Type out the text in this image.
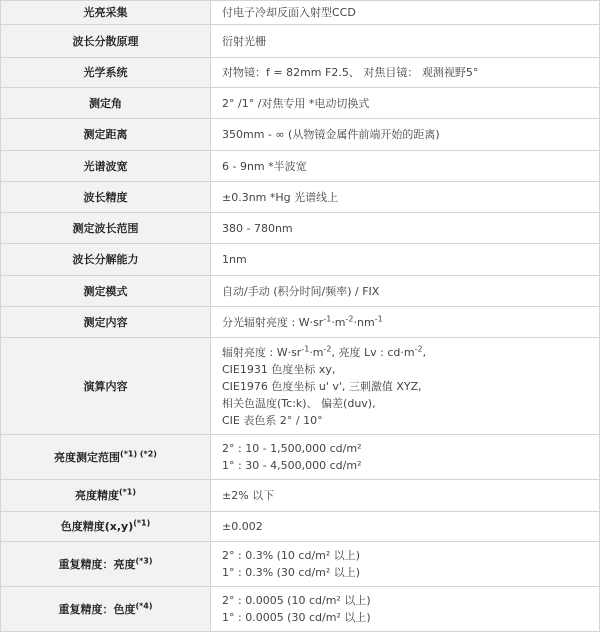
光亮采集	付电子冷却反面入射型CCD
波长分散原理	衍射光栅
光学系统	对物镜：f = 82mm F2.5、 对焦目镜： 观测视野5°
测定角	2° /1° /对焦专用 *电动切换式
测定距离	350mm - ∞ (从物镜金属件前端开始的距离)
光谱波宽	6 - 9nm *半波宽
波长精度	±0.3nm *Hg 光谱线上
测定波长范围	380 - 780nm
波长分解能力	1nm
测定模式	自动/手动 (积分时间/频率) / FIX
测定内容	分光辐射亮度 : $W\cdot sr^{-1}\cdot m^{-2}\cdot nm^{-1}$
演算内容	辐射亮度 : $W\cdot sr^{-1}\cdot m^{-2}$, 亮度 Lv : $cd\cdot m^{-2}$,
CIE1931 色度坐标 xy,
CIE1976 色度坐标 u' v', 三刺激值 XYZ,
相关色温度(Tc:k)、 偏差(duv),
CIE 表色系 2° / 10°

亮度测定范围$^{(*1) (*2)}$	2° : 10 - 1,500,000 cd/m²
1° : 30 - 4,500,000 cd/m²

亮度精度$^{(*1)}$	±2% 以下
色度精度$(x,y)^{(*1)}$	±0.002
重复精度：亮度$^{(*3)}$	2° : 0.3% (10 cd/m² 以上)
1° : 0.3% (30 cd/m² 以上)

重复精度：色度$^{(*4)}$	2° : 0.0005 (10 cd/m² 以上)
1° : 0.0005 (30 cd/m² 以上)
